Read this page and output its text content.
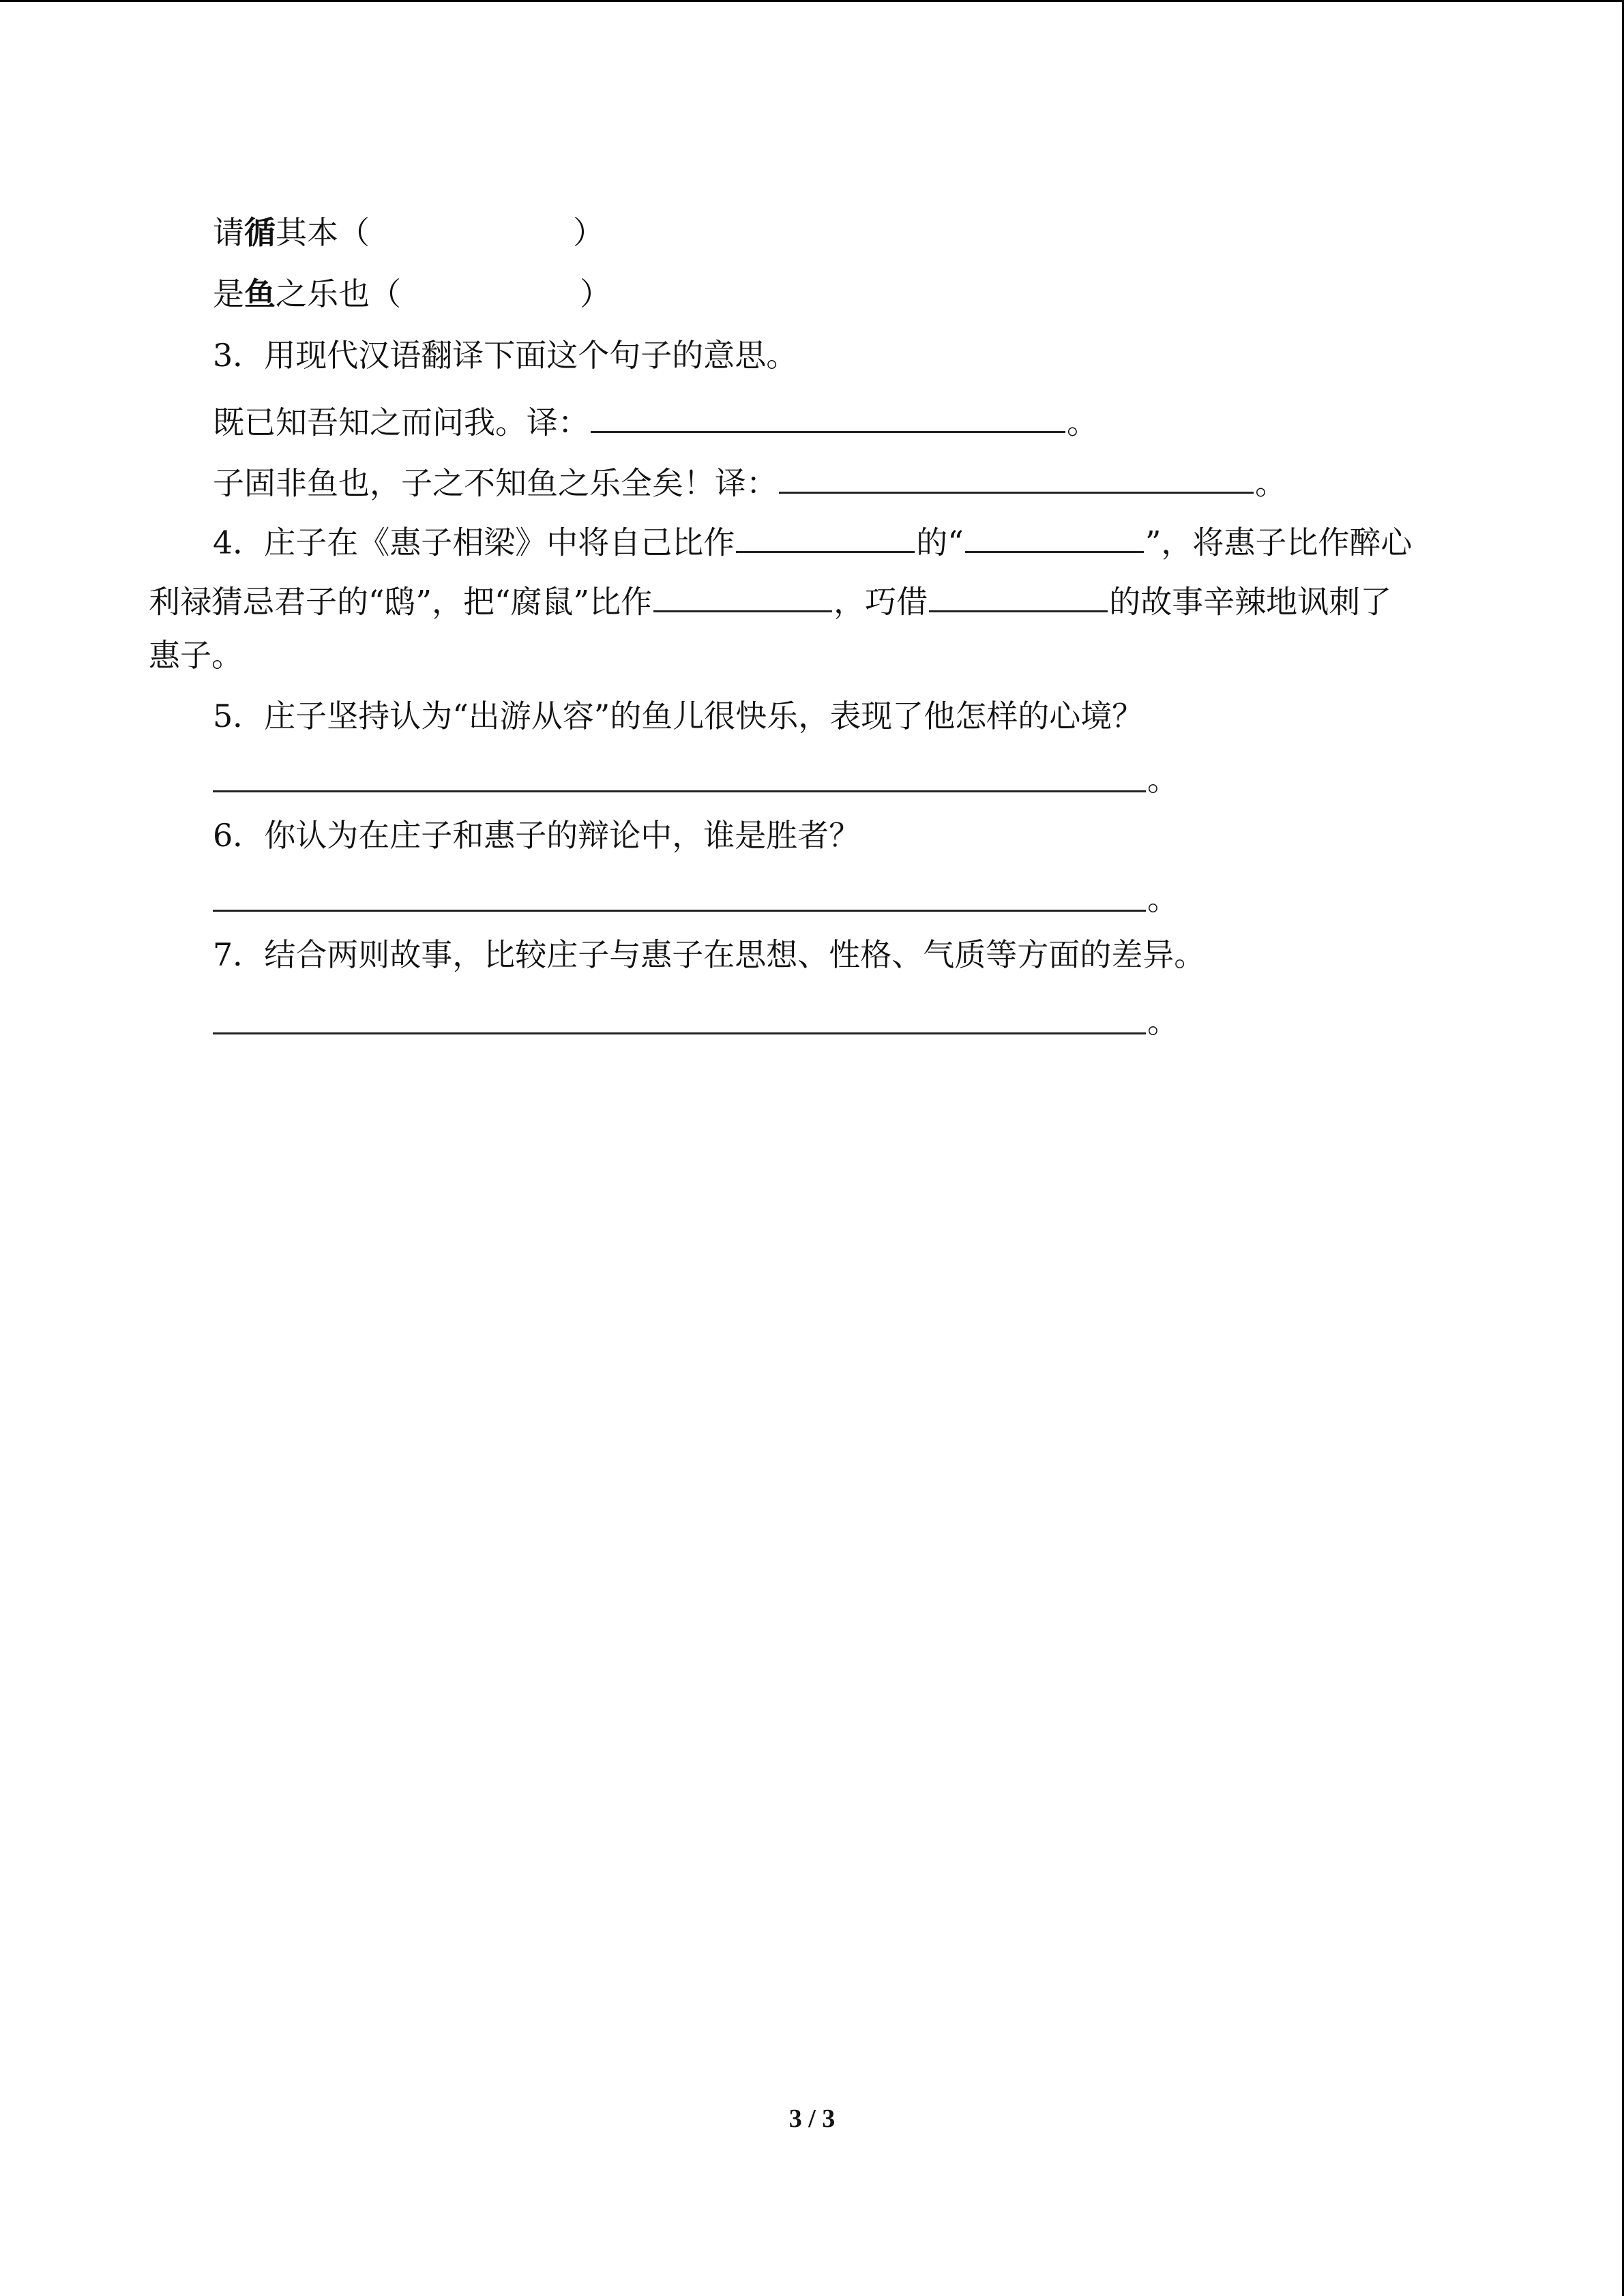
请循其本（	）
是鱼之乐也（	）
3．用现代汉语翻译下面这个句子的意思。
既已知吾知之而问我。译：	。
子固非鱼也，子之不知鱼之乐全矣！译：	。
4．庄子在《惠子相梁》中将自己比作	的“	”，将惠子比作醉心
利禄猜忌君子的“鸱”，把“腐鼠”比作	，巧借	的故事辛辣地讽刺了
惠子。
5．庄子坚持认为“出游从容”的鱼儿很快乐，表现了他怎样的心境？
。
6．你认为在庄子和惠子的辩论中，谁是胜者？
。
7．结合两则故事，比较庄子与惠子在思想、性格、气质等方面的差异。
。
3 / 3
